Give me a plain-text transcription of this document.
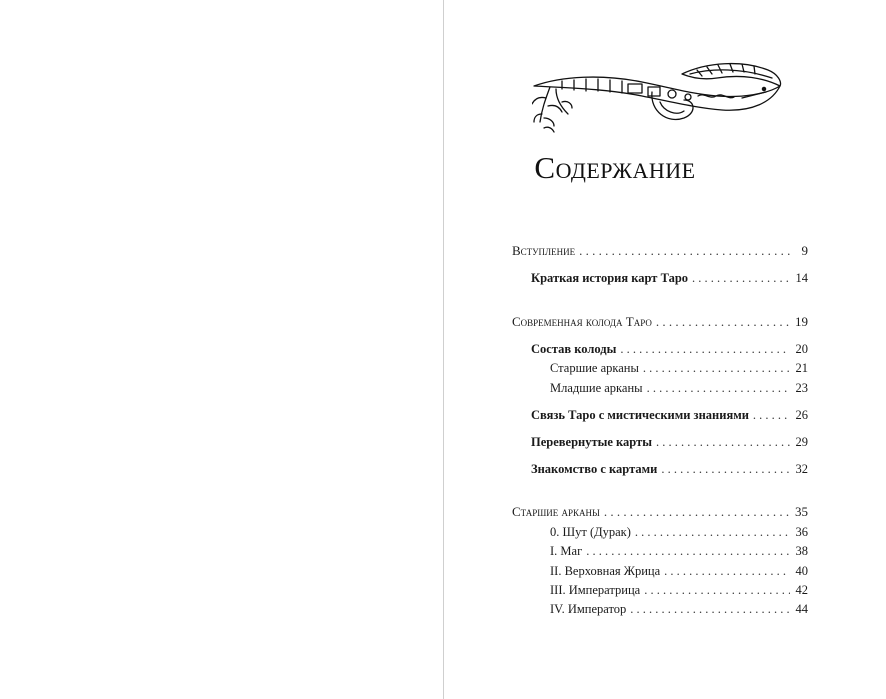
Содержание
Вступление . . .	9
Краткая история карт Таро . . .	14
Современная колода Таро . . .	19
Состав колоды . . .	20
Старшие арканы . . .	21
Младшие арканы . . .	23
Связь Таро с мистическими знаниями . . .	26
Перевернутые карты . . .	29
Знакомство с картами . . .	32
Старшие арканы . . .	35
0. Шут (Дурак) . . .	36
I. Маг . . .	38
II. Верховная Жрица . . .	40
III. Императрица . . .	42
IV. Император . . .	44
